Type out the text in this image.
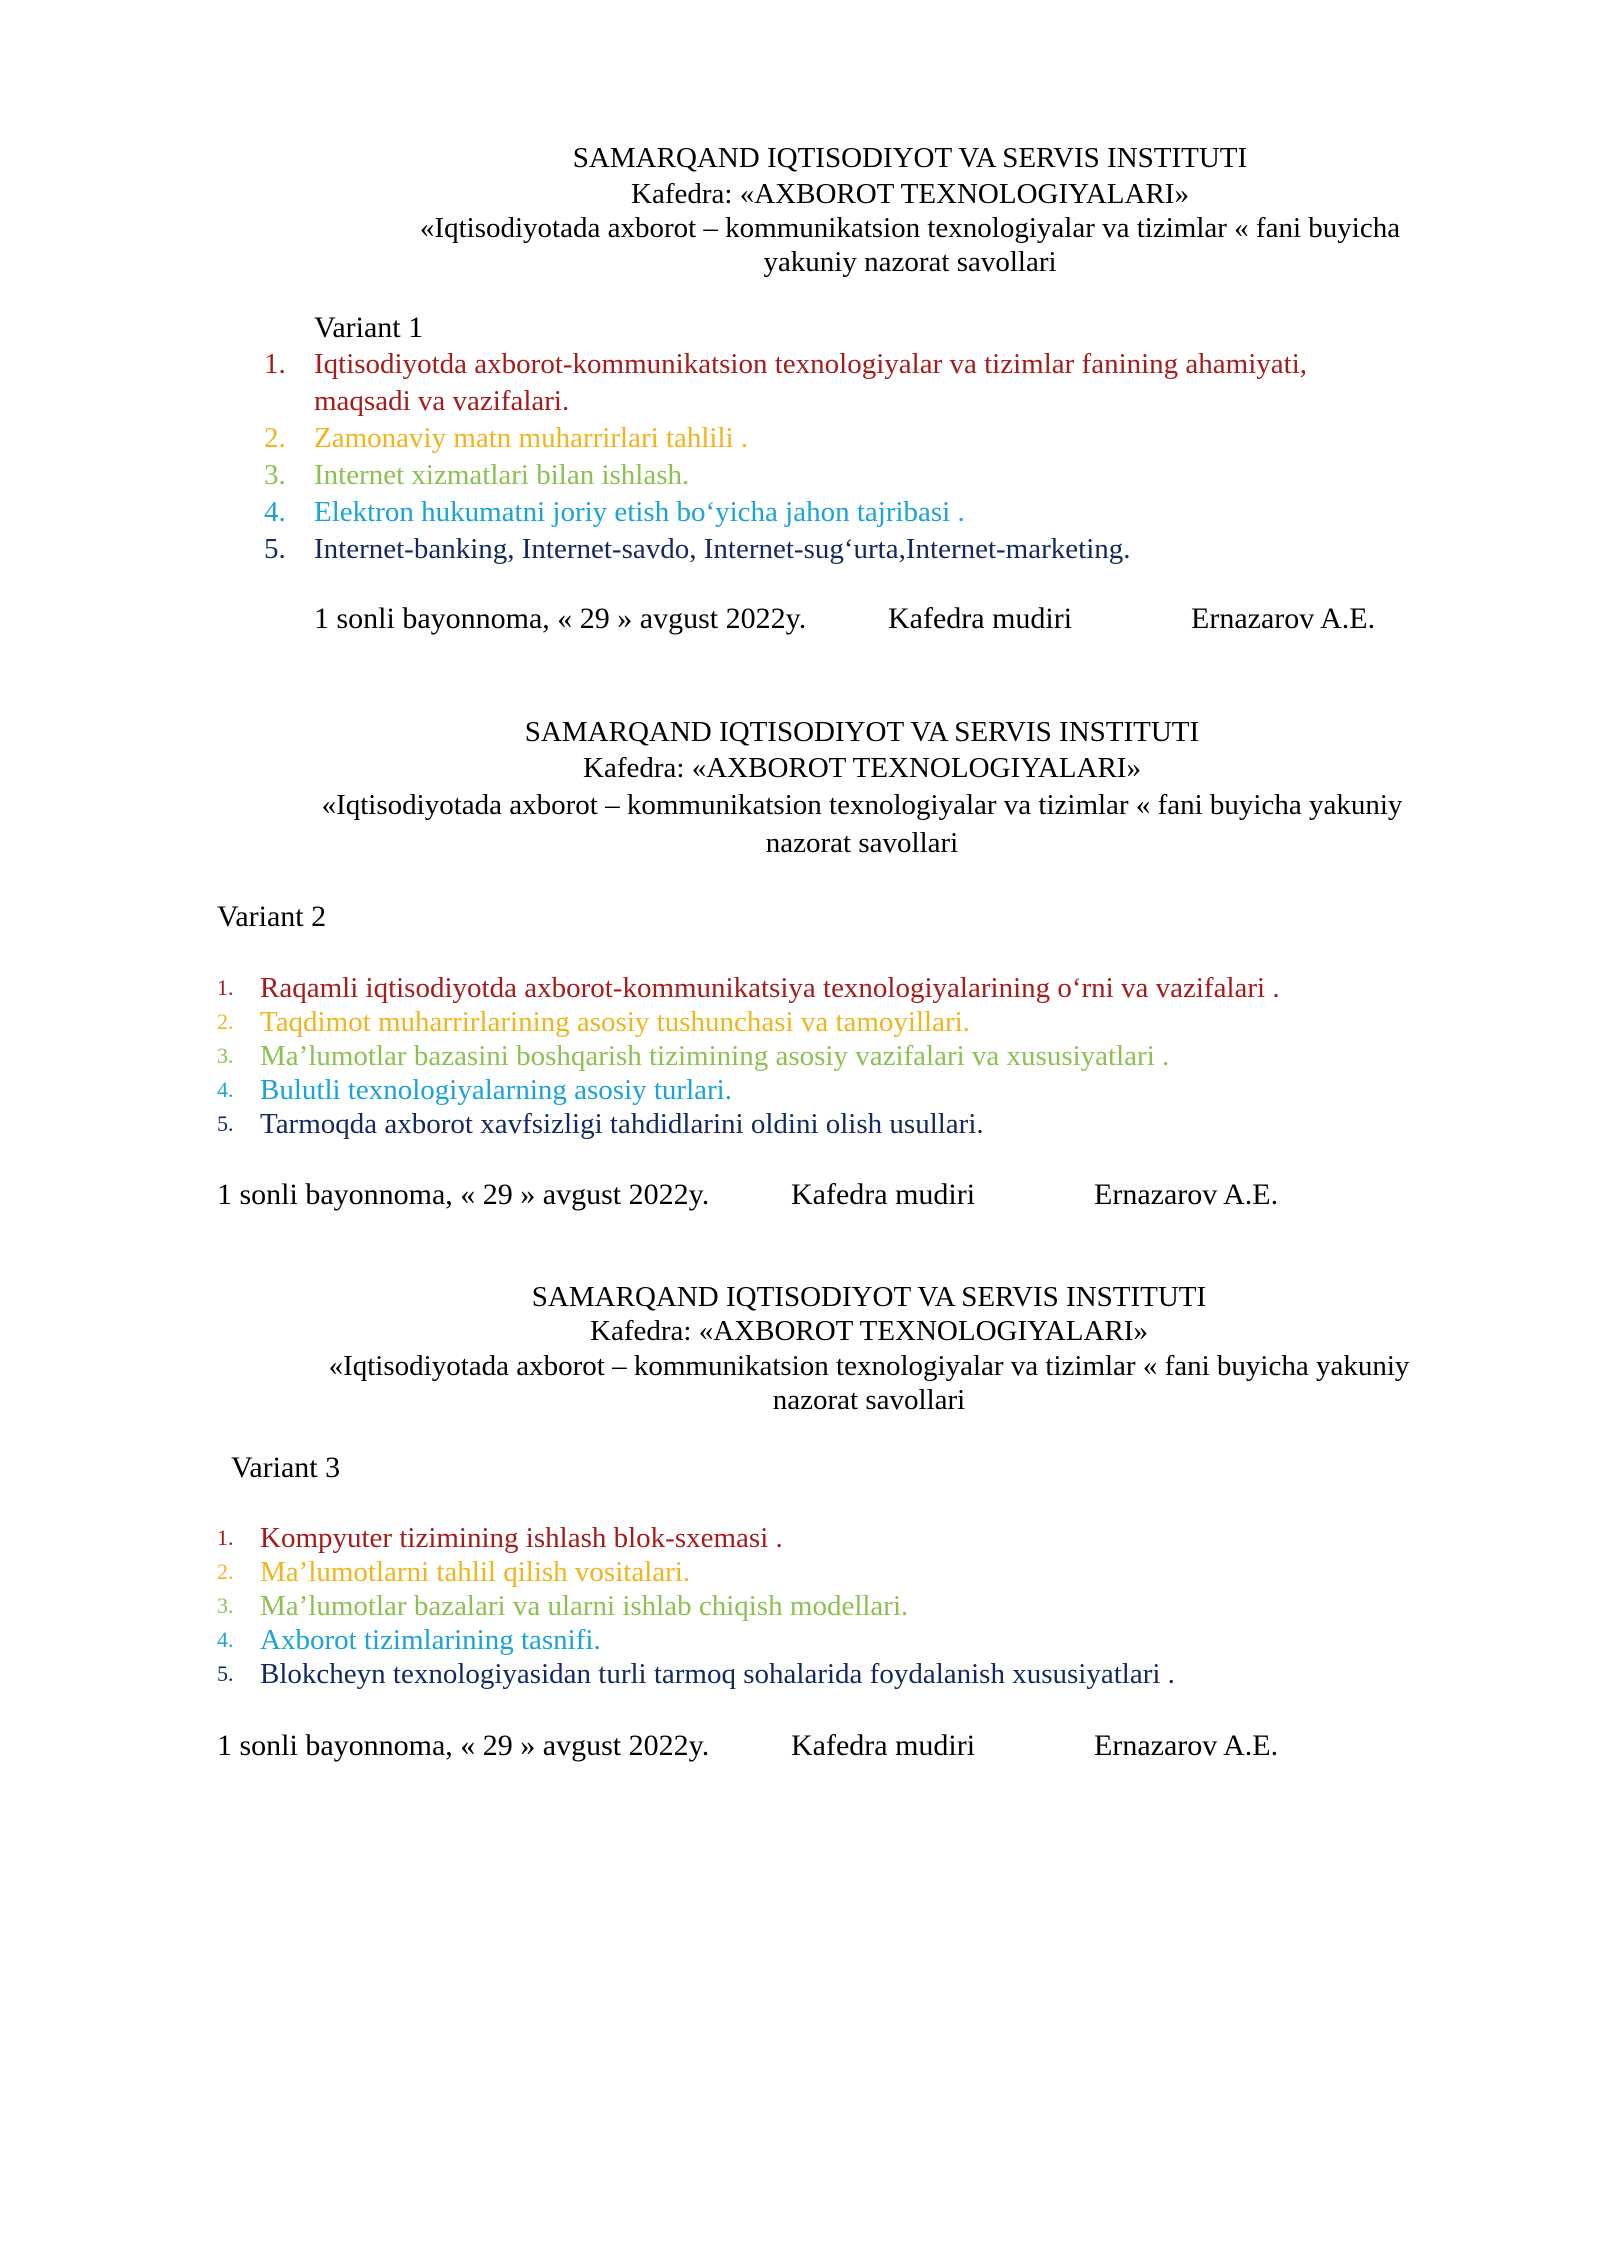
SAMARQAND IQTISODIYOT VA SERVIS INSTITUTI
Kafedra: «AXBOROT TEXNOLOGIYALARI»
«Iqtisodiyotada axborot – kommunikatsion texnologiyalar va tizimlar « fani buyicha
yakuniy nazorat savollari
Variant 1
1. Iqtisodiyotda axborot-kommunikatsion texnologiyalar va tizimlar fanining ahamiyati,
maqsadi va vazifalari.
2. Zamonaviy matn muharrirlari tahlili .
3. Internet xizmatlari bilan ishlash.
4. Elektron hukumatni joriy etish bo‘yicha jahon tajribasi .
5. Internet-banking, Internet-savdo, Internet-sug‘urta,Internet-marketing.
1 sonli bayonnoma, « 29 » avgust 2022y.	Kafedra mudiri	Ernazarov A.E.
SAMARQAND IQTISODIYOT VA SERVIS INSTITUTI
Kafedra: «AXBOROT TEXNOLOGIYALARI»
«Iqtisodiyotada axborot – kommunikatsion texnologiyalar va tizimlar « fani buyicha yakuniy
nazorat savollari
Variant 2
1. Raqamli iqtisodiyotda axborot-kommunikatsiya texnologiyalarining o‘rni va vazifalari .
2. Taqdimot muharrirlarining asosiy tushunchasi va tamoyillari.
3. Ma’lumotlar bazasini boshqarish tizimining asosiy vazifalari va xususiyatlari .
4. Bulutli texnologiyalarning asosiy turlari.
5. Tarmoqda axborot xavfsizligi tahdidlarini oldini olish usullari.
1 sonli bayonnoma, « 29 » avgust 2022y.	Kafedra mudiri	Ernazarov A.E.
SAMARQAND IQTISODIYOT VA SERVIS INSTITUTI
Kafedra: «AXBOROT TEXNOLOGIYALARI»
«Iqtisodiyotada axborot – kommunikatsion texnologiyalar va tizimlar « fani buyicha yakuniy
nazorat savollari
Variant 3
1. Kompyuter tizimining ishlash blok-sxemasi .
2. Ma’lumotlarni tahlil qilish vositalari.
3. Ma’lumotlar bazalari va ularni ishlab chiqish modellari.
4. Axborot tizimlarining tasnifi.
5. Blokcheyn texnologiyasidan turli tarmoq sohalarida foydalanish xususiyatlari .
1 sonli bayonnoma, « 29 » avgust 2022y.	Kafedra mudiri	Ernazarov A.E.
